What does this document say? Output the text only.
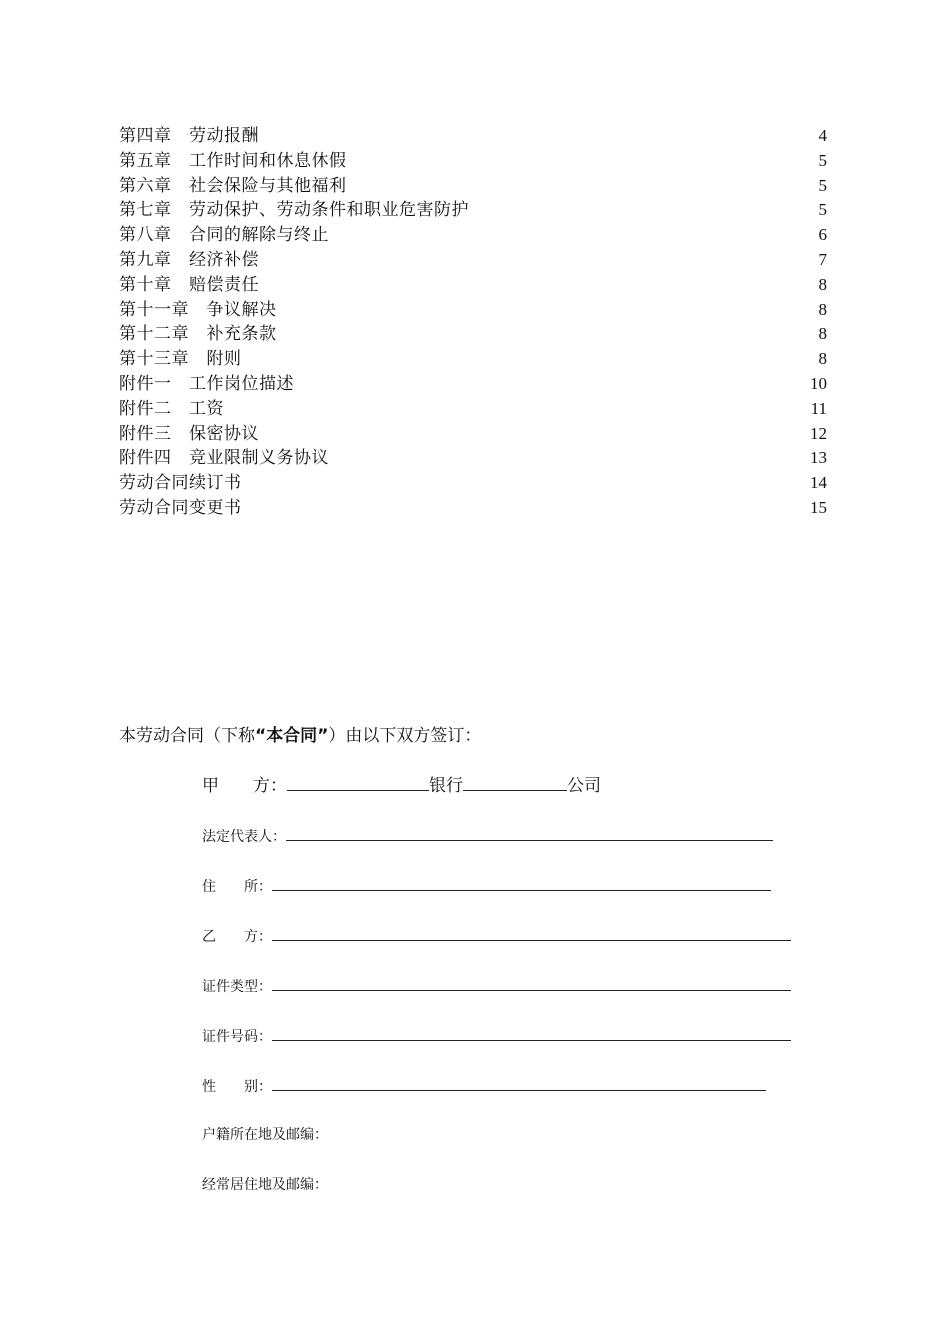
第四章　劳动报酬	4
第五章　工作时间和休息休假	5
第六章　社会保险与其他福利	5
第七章　劳动保护、劳动条件和职业危害防护	5
第八章　合同的解除与终止	6
第九章　经济补偿	7
第十章　赔偿责任	8
第十一章　争议解决	8
第十二章　补充条款	8
第十三章　附则	8
附件一　工作岗位描述	10
附件二　工资	11
附件三　保密协议	12
附件四　竞业限制义务协议	13
劳动合同续订书	14
劳动合同变更书	15
本劳动合同（下称“本合同”）由以下双方签订：
甲　　方：	银行	公司
法定代表人：
住　　所：
乙　　方：
证件类型：
证件号码：
性　　别：
户籍所在地及邮编：
经常居住地及邮编：
